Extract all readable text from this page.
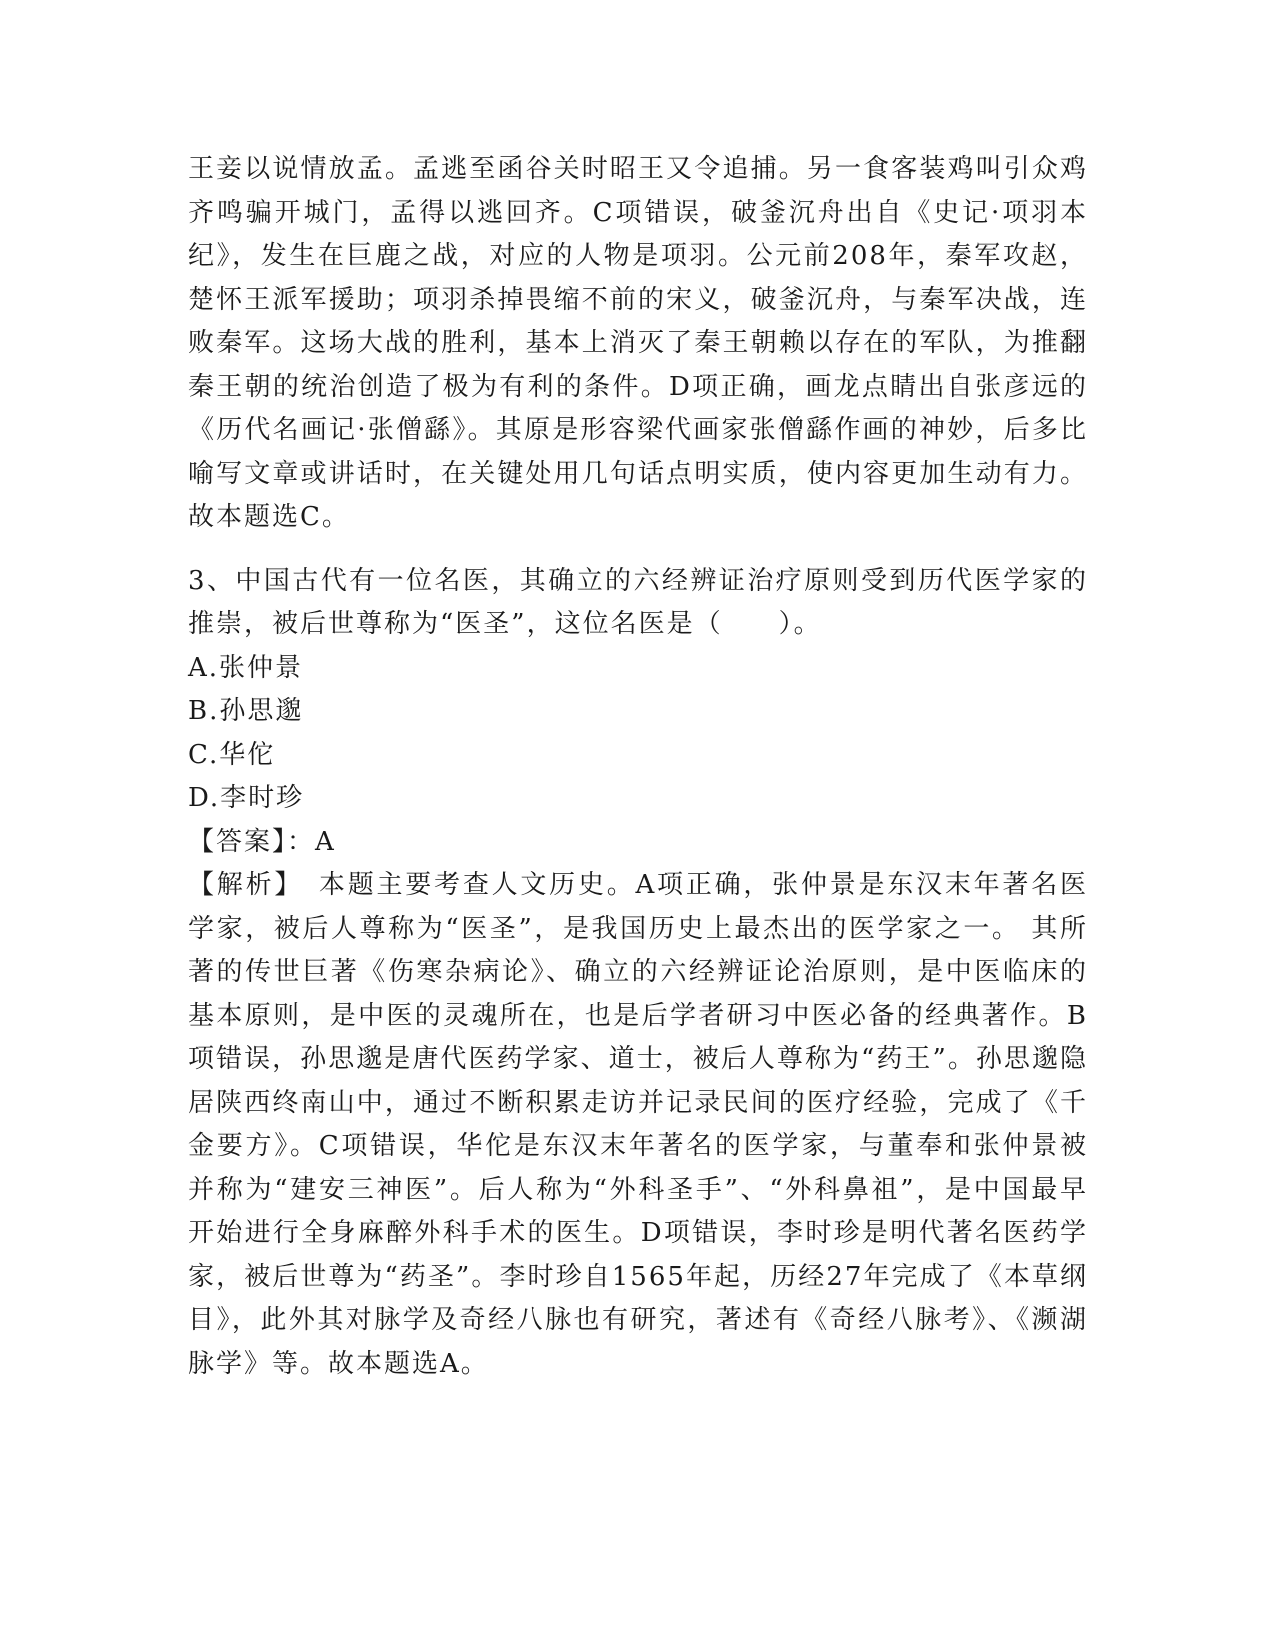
王妾以说情放孟。孟逃至函谷关时昭王又令追捕。另一食客装鸡叫引众鸡齐鸣骗开城门，孟得以逃回齐。C项错误，破釜沉舟出自《史记·项羽本纪》，发生在巨鹿之战，对应的人物是项羽。公元前208年，秦军攻赵，楚怀王派军援助；项羽杀掉畏缩不前的宋义，破釜沉舟，与秦军决战，连败秦军。这场大战的胜利，基本上消灭了秦王朝赖以存在的军队，为推翻秦王朝的统治创造了极为有利的条件。D项正确，画龙点睛出自张彦远的《历代名画记·张僧繇》。其原是形容梁代画家张僧繇作画的神妙，后多比喻写文章或讲话时，在关键处用几句话点明实质，使内容更加生动有力。故本题选C。

3、中国古代有一位名医，其确立的六经辨证治疗原则受到历代医学家的推崇，被后世尊称为“医圣”，这位名医是（　　）。

A.张仲景

B.孙思邈

C.华佗

D.李时珍

【答案】：A

【解析】　本题主要考查人文历史。A项正确，张仲景是东汉末年著名医学家，被后人尊称为“医圣”，是我国历史上最杰出的医学家之一。 其所著的传世巨著《伤寒杂病论》、确立的六经辨证论治原则，是中医临床的基本原则，是中医的灵魂所在，也是后学者研习中医必备的经典著作。B项错误，孙思邈是唐代医药学家、道士，被后人尊称为“药王”。孙思邈隐居陕西终南山中，通过不断积累走访并记录民间的医疗经验，完成了《千金要方》。C项错误，华佗是东汉末年著名的医学家，与董奉和张仲景被并称为“建安三神医”。后人称为“外科圣手”、“外科鼻祖”，是中国最早开始进行全身麻醉外科手术的医生。D项错误，李时珍是明代著名医药学家，被后世尊为“药圣”。李时珍自1565年起，历经27年完成了《本草纲目》，此外其对脉学及奇经八脉也有研究，著述有《奇经八脉考》、《濒湖脉学》等。故本题选A。
